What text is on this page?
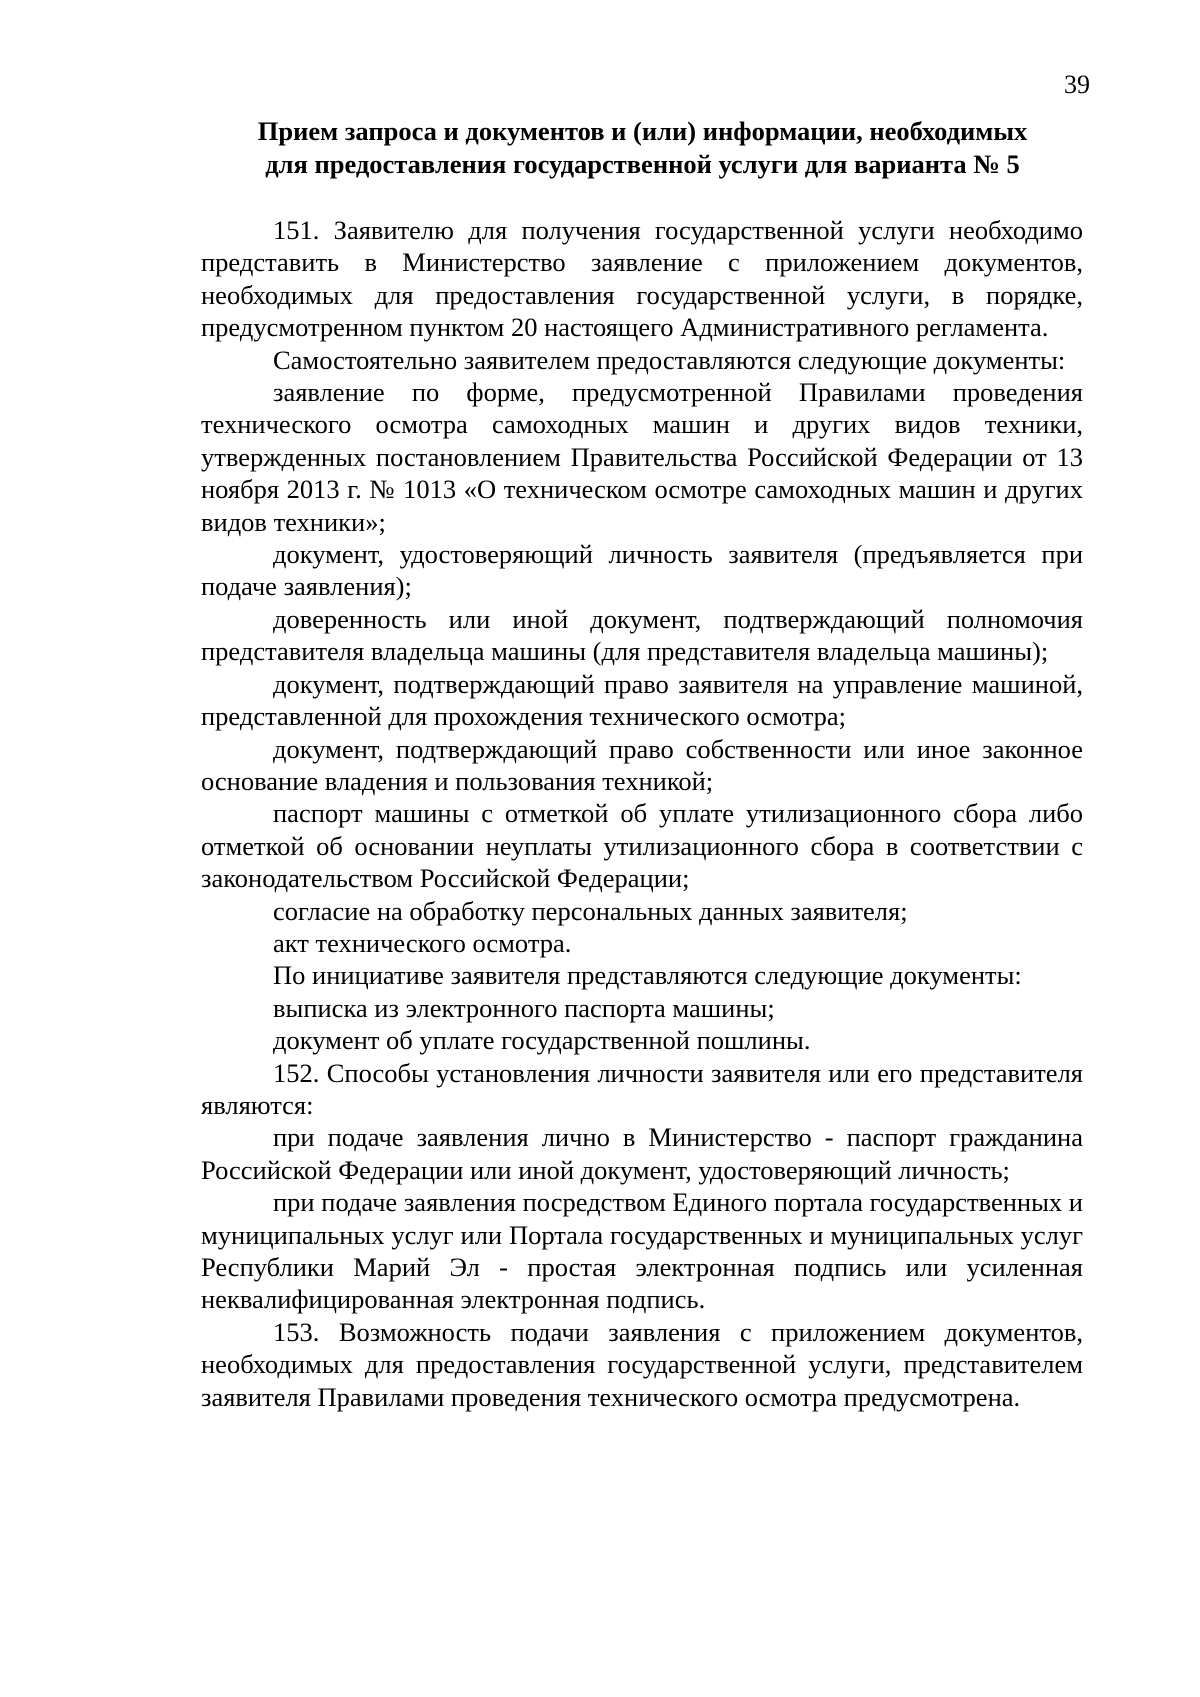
39
Прием запроса и документов и (или) информации, необходимых
для предоставления государственной услуги для варианта № 5

151. Заявителю для получения государственной услуги необходимо представить в Министерство заявление с приложением документов, необходимых для предоставления государственной услуги, в порядке, предусмотренном пунктом 20 настоящего Административного регламента.

Самостоятельно заявителем предоставляются следующие документы:

заявление по форме, предусмотренной Правилами проведения технического осмотра самоходных машин и других видов техники, утвержденных постановлением Правительства Российской Федерации от 13 ноября 2013 г. № 1013 «О техническом осмотре самоходных машин и других видов техники»;

документ, удостоверяющий личность заявителя (предъявляется при подаче заявления);

доверенность или иной документ, подтверждающий полномочия представителя владельца машины (для представителя владельца машины);

документ, подтверждающий право заявителя на управление машиной, представленной для прохождения технического осмотра;

документ, подтверждающий право собственности или иное законное основание владения и пользования техникой;

паспорт машины с отметкой об уплате утилизационного сбора либо отметкой об основании неуплаты утилизационного сбора в соответствии с законодательством Российской Федерации;

согласие на обработку персональных данных заявителя;

акт технического осмотра.

По инициативе заявителя представляются следующие документы:

выписка из электронного паспорта машины;

документ об уплате государственной пошлины.

152. Способы установления личности заявителя или его представителя являются:

при подаче заявления лично в Министерство - паспорт гражданина Российской Федерации или иной документ, удостоверяющий личность;

при подаче заявления посредством Единого портала государственных и муниципальных услуг или Портала государственных и муниципальных услуг Республики Марий Эл - простая электронная подпись или усиленная неквалифицированная электронная подпись.

153. Возможность подачи заявления с приложением документов, необходимых для предоставления государственной услуги, представителем заявителя Правилами проведения технического осмотра предусмотрена.
